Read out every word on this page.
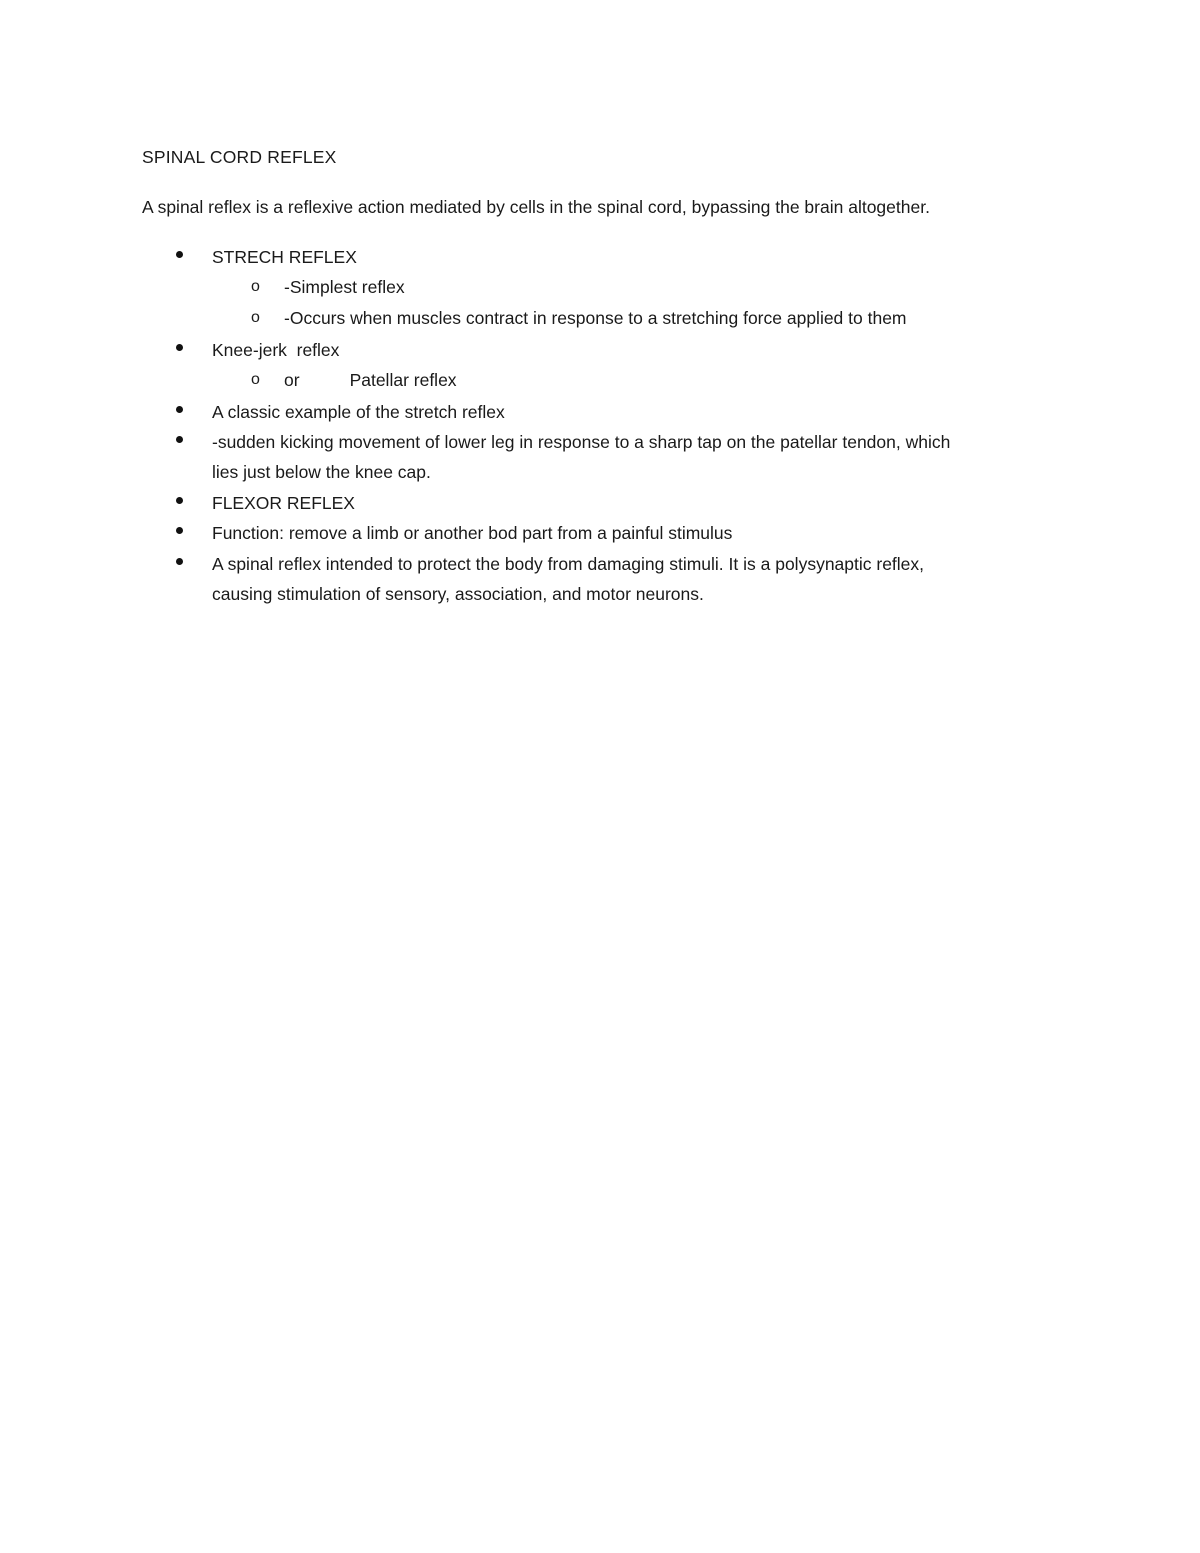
SPINAL CORD REFLEX
A spinal reflex is a reflexive action mediated by cells in the spinal cord, bypassing the brain altogether.
STRECH REFLEX
o -Simplest reflex
o -Occurs when muscles contract in response to a stretching force applied to them
Knee-jerk  reflex
o or	Patellar reflex
A classic example of the stretch reflex
-sudden kicking movement of lower leg in response to a sharp tap on the patellar tendon, which
lies just below the knee cap.
FLEXOR REFLEX
Function: remove a limb or another bod part from a painful stimulus
A spinal reflex intended to protect the body from damaging stimuli. It is a polysynaptic reflex,
causing stimulation of sensory, association, and motor neurons.
